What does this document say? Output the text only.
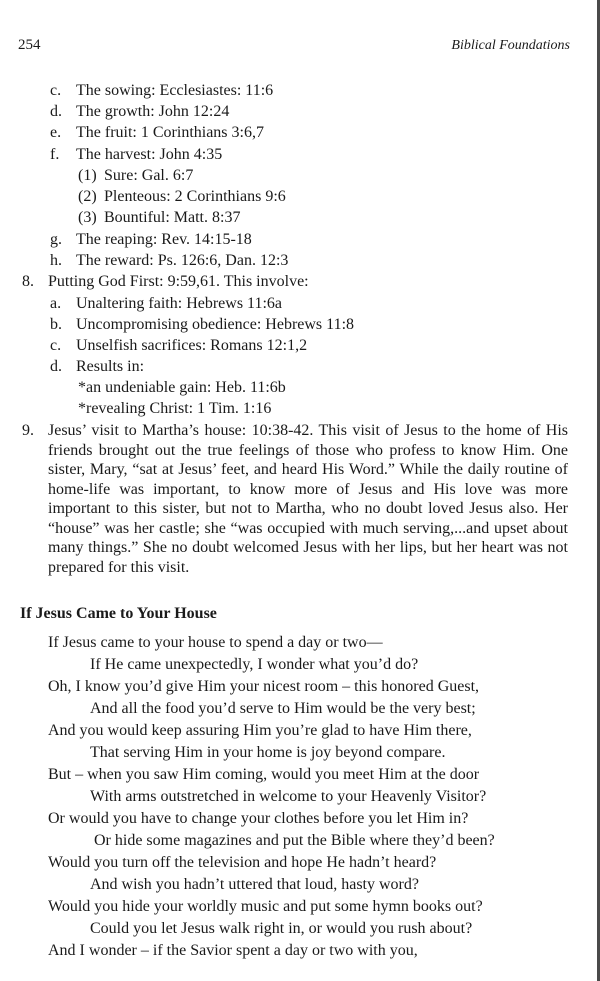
254	Biblical Foundations
c. The sowing: Ecclesiastes: 11:6
d. The growth: John 12:24
e. The fruit: 1 Corinthians 3:6,7
f. The harvest: John 4:35
(1) Sure: Gal. 6:7
(2) Plenteous: 2 Corinthians 9:6
(3) Bountiful: Matt. 8:37
g. The reaping: Rev. 14:15-18
h. The reward: Ps. 126:6, Dan. 12:3
8. Putting God First: 9:59,61. This involve:
a. Unaltering faith: Hebrews 11:6a
b. Uncompromising obedience: Hebrews 11:8
c. Unselfish sacrifices: Romans 12:1,2
d. Results in:
*an undeniable gain: Heb. 11:6b
*revealing Christ: 1 Tim. 1:16
9. Jesus’ visit to Martha’s house: 10:38-42. This visit of Jesus to the home of His friends brought out the true feelings of those who profess to know Him. One sister, Mary, “sat at Jesus’ feet, and heard His Word.” While the daily routine of home-life was important, to know more of Jesus and His love was more important to this sister, but not to Martha, who no doubt loved Jesus also. Her “house” was her castle; she “was occupied with much serving,...and upset about many things.” She no doubt welcomed Jesus with her lips, but her heart was not prepared for this visit.
If Jesus Came to Your House
If Jesus came to your house to spend a day or two—
If He came unexpectedly, I wonder what you’d do?
Oh, I know you’d give Him your nicest room – this honored Guest,
And all the food you’d serve to Him would be the very best;
And you would keep assuring Him you’re glad to have Him there,
That serving Him in your home is joy beyond compare.
But – when you saw Him coming, would you meet Him at the door
With arms outstretched in welcome to your Heavenly Visitor?
Or would you have to change your clothes before you let Him in?
Or hide some magazines and put the Bible where they’d been?
Would you turn off the television and hope He hadn’t heard?
And wish you hadn’t uttered that loud, hasty word?
Would you hide your worldly music and put some hymn books out?
Could you let Jesus walk right in, or would you rush about?
And I wonder – if the Savior spent a day or two with you,
